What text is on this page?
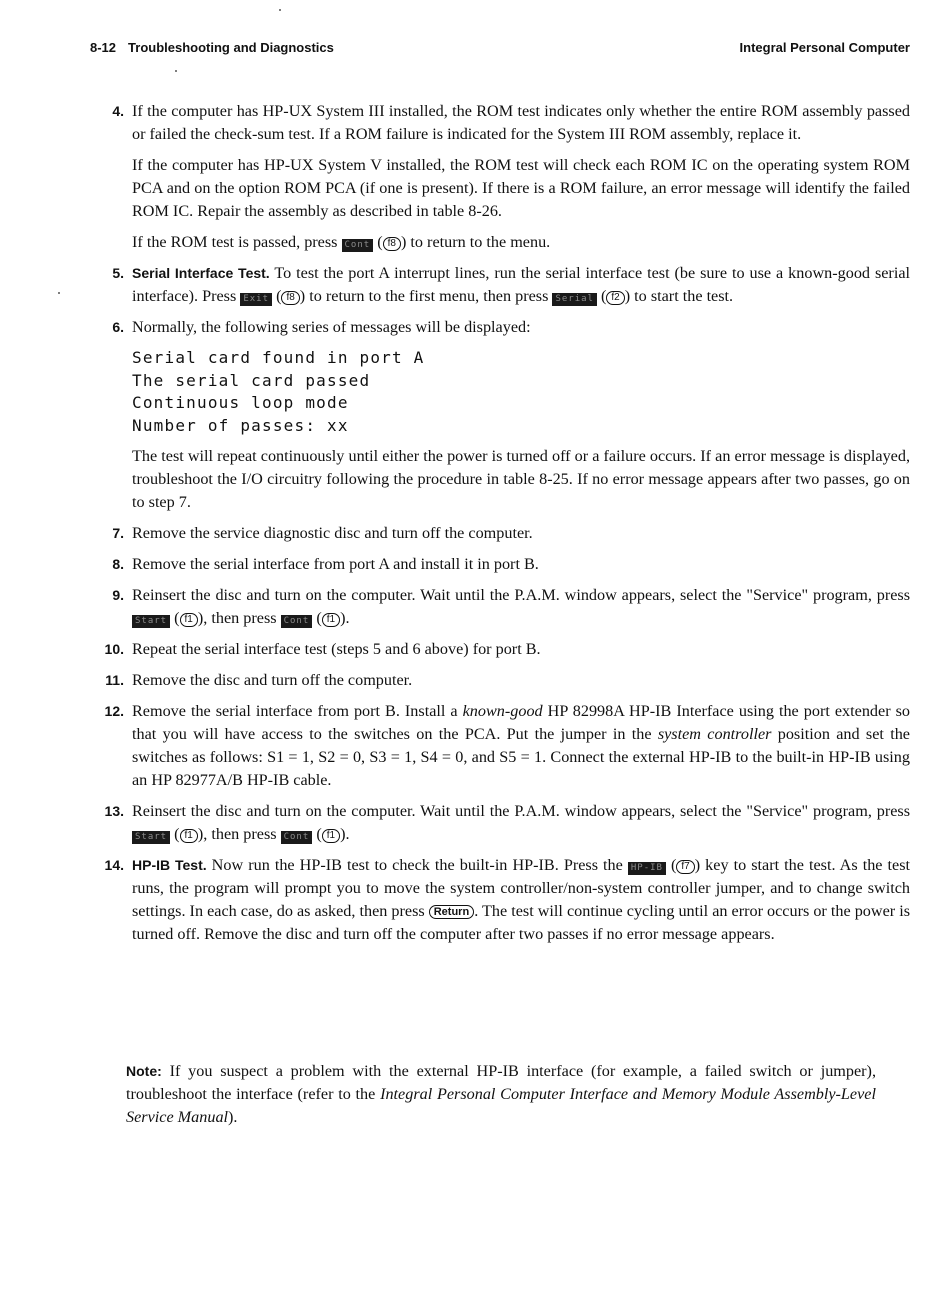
8-12 Troubleshooting and Diagnostics	Integral Personal Computer
4. If the computer has HP-UX System III installed, the ROM test indicates only whether the entire ROM assembly passed or failed the check-sum test. If a ROM failure is indicated for the System III ROM assembly, replace it.

If the computer has HP-UX System V installed, the ROM test will check each ROM IC on the operating system ROM PCA and on the option ROM PCA (if one is present). If there is a ROM failure, an error message will identify the failed ROM IC. Repair the assembly as described in table 8-26.

If the ROM test is passed, press Cont ( f8 ) to return to the menu.

5. Serial Interface Test. To test the port A interrupt lines, run the serial interface test (be sure to use a known-good serial interface). Press Exit ( f8 ) to return to the first menu, then press Serial ( f2 ) to start the test.

6. Normally, the following series of messages will be displayed:

Serial card found in port A
The serial card passed
Continuous loop mode
Number of passes: xx

The test will repeat continuously until either the power is turned off or a failure occurs. If an error message is displayed, troubleshoot the I/O circuitry following the procedure in table 8-25. If no error message appears after two passes, go on to step 7.

7. Remove the service diagnostic disc and turn off the computer.

8. Remove the serial interface from port A and install it in port B.

9. Reinsert the disc and turn on the computer. Wait until the P.A.M. window appears, select the "Service" program, press Start ( f1 ), then press Cont ( f1 ).

10. Repeat the serial interface test (steps 5 and 6 above) for port B.

11. Remove the disc and turn off the computer.

12. Remove the serial interface from port B. Install a known-good HP 82998A HP-IB Interface using the port extender so that you will have access to the switches on the PCA. Put the jumper in the system controller position and set the switches as follows: S1 = 1, S2 = 0, S3 = 1, S4 = 0, and S5 = 1. Connect the external HP-IB to the built-in HP-IB using an HP 82977A/B HP-IB cable.

13. Reinsert the disc and turn on the computer. Wait until the P.A.M. window appears, select the "Service" program, press Start ( f1 ), then press Cont ( f1 ).

14. HP-IB Test. Now run the HP-IB test to check the built-in HP-IB. Press the HP-IB ( f7 ) key to start the test. As the test runs, the program will prompt you to move the system controller/non-system controller jumper, and to change switch settings. In each case, do as asked, then press Return . The test will continue cycling until an error occurs or the power is turned off. Remove the disc and turn off the computer after two passes if no error message appears.

Note: If you suspect a problem with the external HP-IB interface (for example, a failed switch or jumper), troubleshoot the interface (refer to the Integral Personal Computer Interface and Memory Module Assembly-Level Service Manual).
